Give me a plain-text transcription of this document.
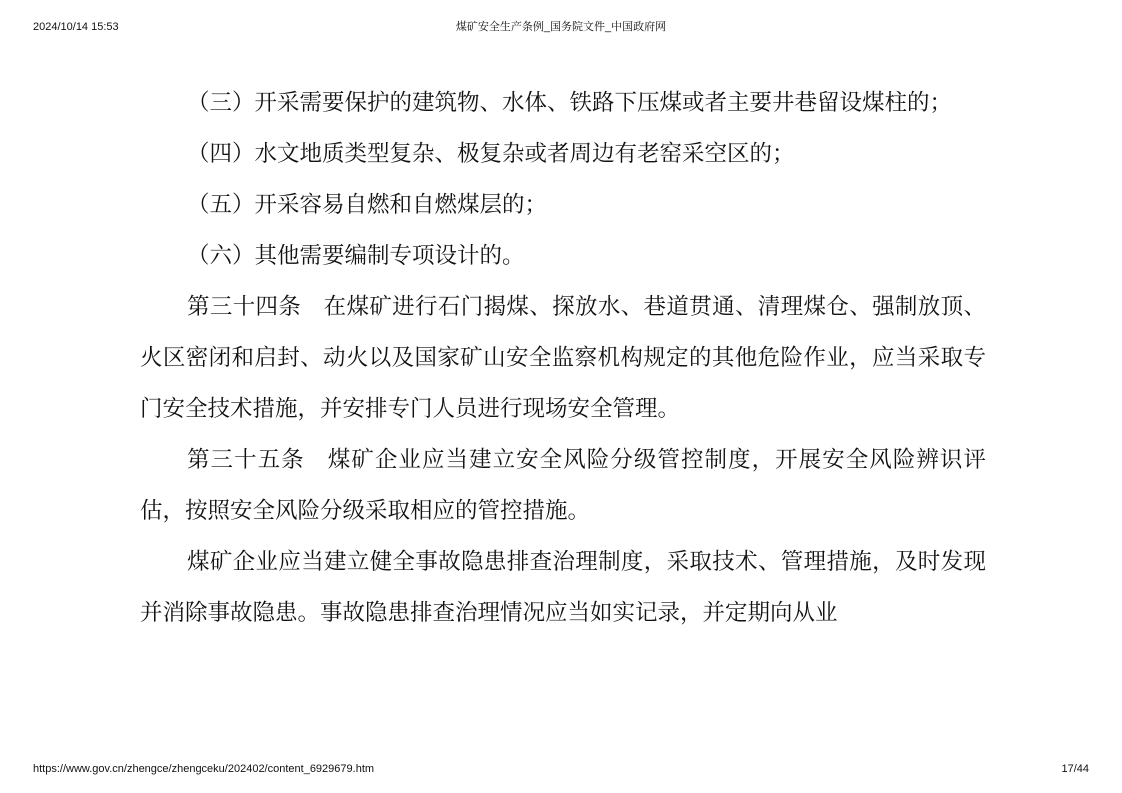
2024/10/14 15:53	煤矿安全生产条例_国务院文件_中国政府网

（三）开采需要保护的建筑物、水体、铁路下压煤或者主要井巷留设煤柱的；

（四）水文地质类型复杂、极复杂或者周边有老窑采空区的；

（五）开采容易自燃和自燃煤层的；

（六）其他需要编制专项设计的。

第三十四条 在煤矿进行石门揭煤、探放水、巷道贯通、清理煤仓、强制放顶、火区密闭和启封、动火以及国家矿山安全监察机构规定的其他危险作业，应当采取专门安全技术措施，并安排专门人员进行现场安全管理。

第三十五条 煤矿企业应当建立安全风险分级管控制度，开展安全风险辨识评估，按照安全风险分级采取相应的管控措施。

煤矿企业应当建立健全事故隐患排查治理制度，采取技术、管理措施，及时发现并消除事故隐患。事故隐患排查治理情况应当如实记录，并定期向从业

https://www.gov.cn/zhengce/zhengceku/202402/content_6929679.htm	17/44
